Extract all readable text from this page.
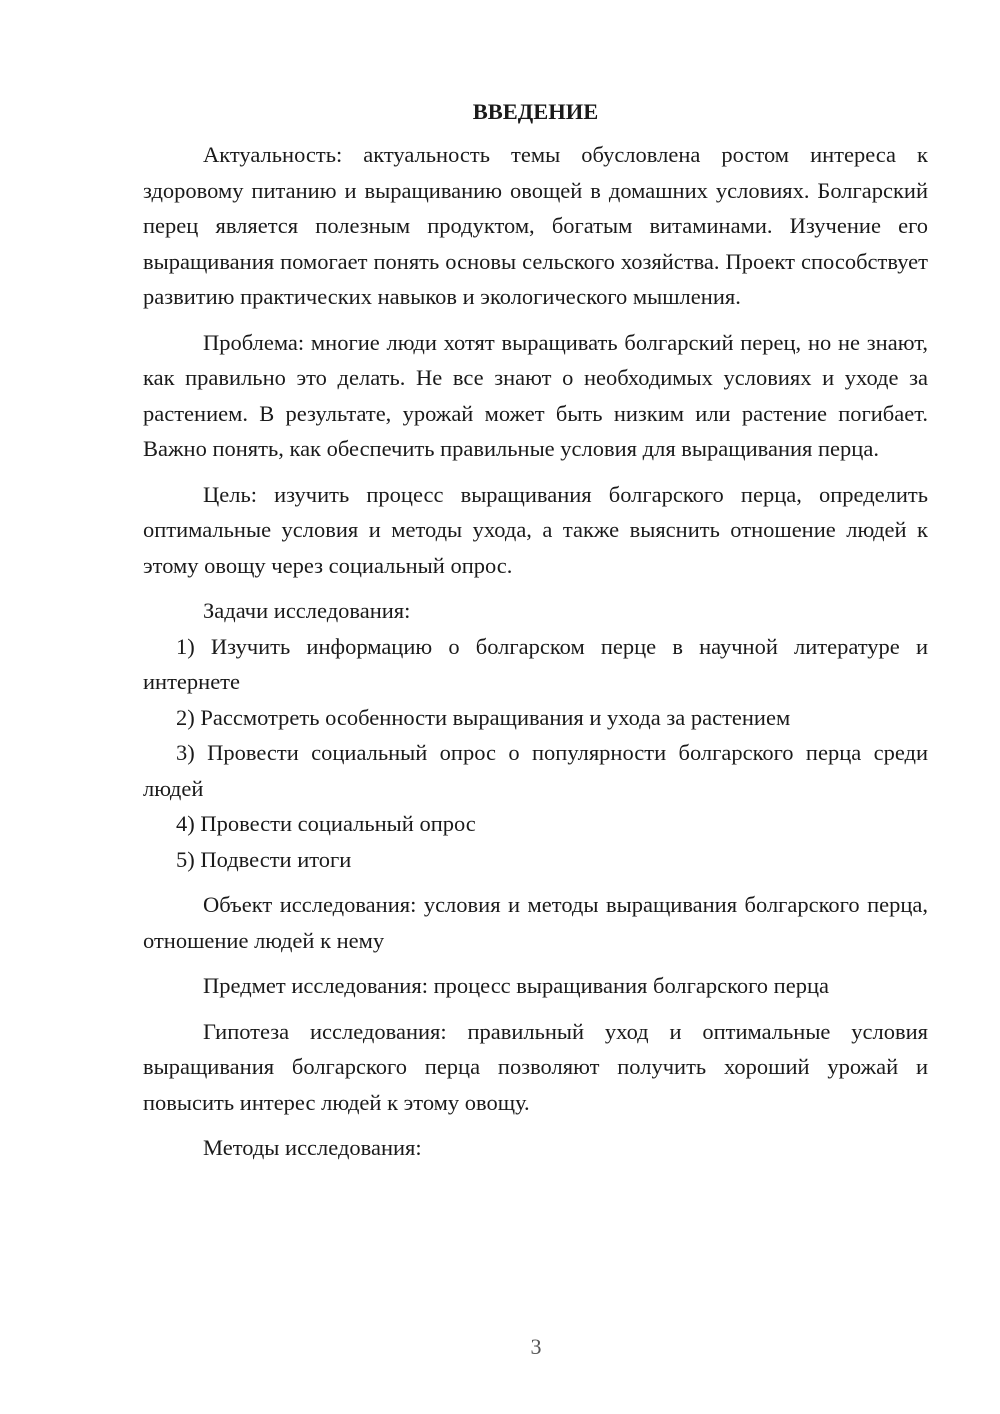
ВВЕДЕНИЕ

Актуальность: актуальность темы обусловлена ростом интереса к здоровому питанию и выращиванию овощей в домашних условиях. Болгарский перец является полезным продуктом, богатым витаминами. Изучение его выращивания помогает понять основы сельского хозяйства. Проект способствует развитию практических навыков и экологического мышления.

Проблема: многие люди хотят выращивать болгарский перец, но не знают, как правильно это делать. Не все знают о необходимых условиях и уходе за растением. В результате, урожай может быть низким или растение погибает. Важно понять, как обеспечить правильные условия для выращивания перца.

Цель: изучить процесс выращивания болгарского перца, определить оптимальные условия и методы ухода, а также выяснить отношение людей к этому овощу через социальный опрос.

Задачи исследования:

1) Изучить информацию о болгарском перце в научной литературе и интернете

2) Рассмотреть особенности выращивания и ухода за растением

3) Провести социальный опрос о популярности болгарского перца среди людей

4) Провести социальный опрос

5) Подвести итоги

Объект исследования: условия и методы выращивания болгарского перца, отношение людей к нему

Предмет исследования: процесс выращивания болгарского перца

Гипотеза исследования: правильный уход и оптимальные условия выращивания болгарского перца позволяют получить хороший урожай и повысить интерес людей к этому овощу.

Методы исследования:

3
